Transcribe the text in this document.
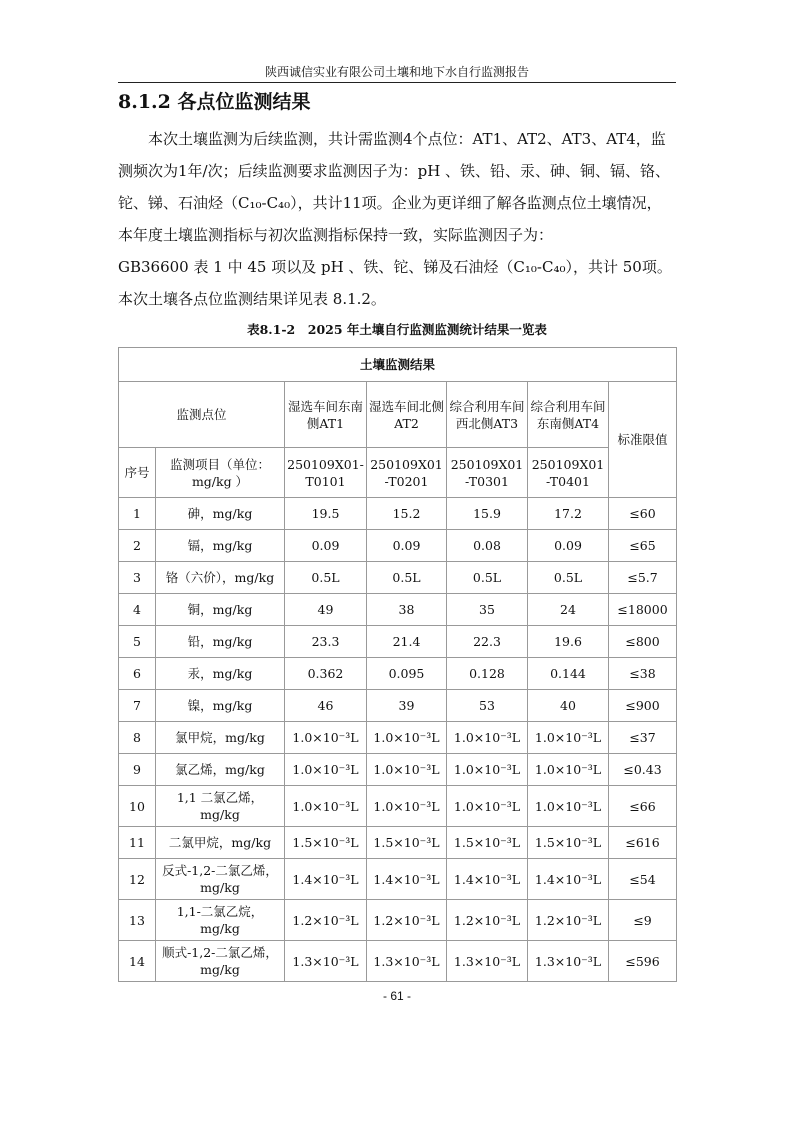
陕西诚信实业有限公司土壤和地下水自行监测报告
8.1.2 各点位监测结果

本次土壤监测为后续监测，共计需监测4个点位：AT1、AT2、AT3、AT4，监测频次为1年/次；后续监测要求监测因子为：pH 、铁、铅、汞、砷、铜、镉、铬、铊、锑、石油烃（C₁₀-C₄₀），共计11项。企业为更详细了解各监测点位土壤情况，本年度土壤监测指标与初次监测指标保持一致，实际监测因子为：

GB36600 表 1 中 45 项以及 pH 、铁、铊、锑及石油烃（C₁₀-C₄₀），共计 50项。

本次土壤各点位监测结果详见表 8.1.2。

表8.1-2　2025 年土壤自行监测监测统计结果一览表
土壤监测结果						
监测点位		湿选车间东南侧AT1	湿选车间北侧AT2	综合利用车间西北侧AT3	综合利用车间东南侧AT4	标准限值
序号	监测项目（单位：mg/kg ）	250109X01-T0101	250109X01-T0201	250109X01-T0301	250109X01-T0401	
1	砷，mg/kg	19.5	15.2	15.9	17.2	≤60
2	镉，mg/kg	0.09	0.09	0.08	0.09	≤65
3	铬（六价），mg/kg	0.5L	0.5L	0.5L	0.5L	≤5.7
4	铜，mg/kg	49	38	35	24	≤18000
5	铅，mg/kg	23.3	21.4	22.3	19.6	≤800
6	汞，mg/kg	0.362	0.095	0.128	0.144	≤38
7	镍，mg/kg	46	39	53	40	≤900
8	氯甲烷，mg/kg	1.0×10⁻³L	1.0×10⁻³L	1.0×10⁻³L	1.0×10⁻³L	≤37
9	氯乙烯，mg/kg	1.0×10⁻³L	1.0×10⁻³L	1.0×10⁻³L	1.0×10⁻³L	≤0.43
10	1,1 二氯乙烯，mg/kg	1.0×10⁻³L	1.0×10⁻³L	1.0×10⁻³L	1.0×10⁻³L	≤66
11	二氯甲烷，mg/kg	1.5×10⁻³L	1.5×10⁻³L	1.5×10⁻³L	1.5×10⁻³L	≤616
12	反式-1,2-二氯乙烯，mg/kg	1.4×10⁻³L	1.4×10⁻³L	1.4×10⁻³L	1.4×10⁻³L	≤54
13	1,1-二氯乙烷，mg/kg	1.2×10⁻³L	1.2×10⁻³L	1.2×10⁻³L	1.2×10⁻³L	≤9
14	顺式-1,2-二氯乙烯，mg/kg	1.3×10⁻³L	1.3×10⁻³L	1.3×10⁻³L	1.3×10⁻³L	≤596
- 61 -
